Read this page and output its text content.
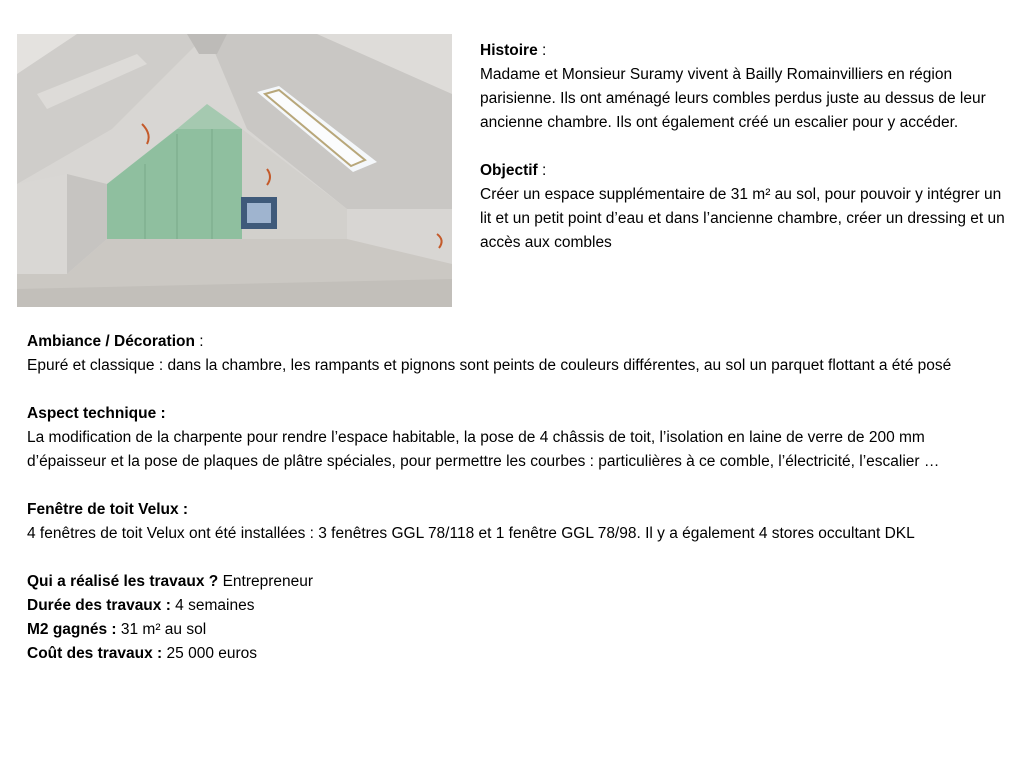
Histoire :

Madame et Monsieur Suramy vivent à Bailly Romainvilliers en région parisienne. Ils ont aménagé leurs combles perdus juste au dessus de leur ancienne chambre. Ils ont également créé un escalier pour y accéder.

Objectif :

Créer un espace supplémentaire de 31 m² au sol, pour pouvoir y intégrer un lit et un petit point d’eau et dans l’ancienne chambre, créer un dressing et un accès aux combles

Ambiance / Décoration :

Epuré et classique : dans la chambre, les rampants et pignons sont peints de couleurs différentes, au sol un parquet flottant a été posé

Aspect technique :

La modification de la charpente pour rendre l’espace habitable, la pose de 4 châssis de toit, l’isolation en laine de verre de 200 mm d’épaisseur et la pose de plaques de plâtre spéciales, pour permettre les courbes : particulières à ce comble, l’électricité, l’escalier …

Fenêtre de toit Velux :

4 fenêtres de toit Velux ont été installées : 3 fenêtres GGL 78/118 et 1 fenêtre GGL 78/98. Il y a également 4 stores occultant DKL

Qui a réalisé les travaux ? Entrepreneur

Durée des travaux : 4 semaines

M2 gagnés : 31 m² au sol

Coût des travaux : 25 000 euros
